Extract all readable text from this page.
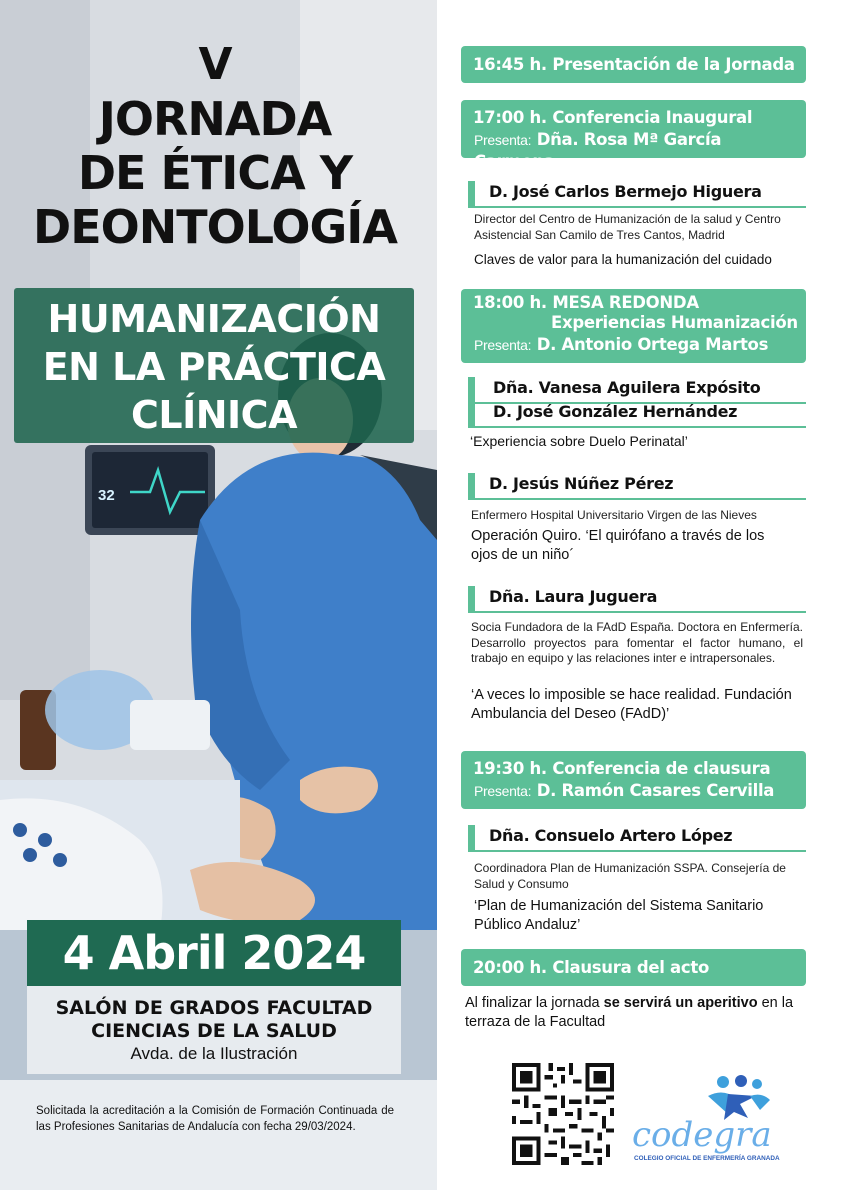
32
V
JORNADA
DE ÉTICA Y
DEONTOLOGÍA
HUMANIZACIÓN
EN LA PRÁCTICA
CLÍNICA
4 Abril 2024
SALÓN DE GRADOS FACULTAD
CIENCIAS DE LA SALUD
Avda. de la Ilustración
Solicitada la acreditación a la Comisión de Formación Continuada de las Profesiones Sanitarias de Andalucía con fecha 29/03/2024.
16:45 h. Presentación de la Jornada
17:00 h. Conferencia Inaugural
Presenta: Dña. Rosa Mª García Carmona
D. José Carlos Bermejo Higuera
Director del Centro de Humanización de la salud y Centro Asistencial San Camilo de Tres Cantos, Madrid
Claves de valor para la humanización del cuidado
18:00 h. MESA REDONDA
Experiencias Humanización
Presenta: D. Antonio Ortega Martos
Dña. Vanesa Aguilera Expósito
D. José González Hernández
‘Experiencia sobre Duelo Perinatal’
D. Jesús Núñez Pérez
Enfermero Hospital Universitario Virgen de las Nieves
Operación Quiro. ‘El quirófano a través de los ojos de un niño´
Dña. Laura Juguera
Socia Fundadora de la FAdD España. Doctora en Enfermería. Desarrollo proyectos para fomentar el factor humano, el trabajo en equipo y las relaciones inter e intrapersonales.
‘A veces lo imposible se hace realidad. Fundación Ambulancia del Deseo (FAdD)’
19:30 h. Conferencia de clausura
Presenta: D. Ramón Casares Cervilla
Dña. Consuelo Artero López
Coordinadora Plan de Humanización SSPA. Consejería de Salud y Consumo
‘Plan de Humanización del Sistema Sanitario Público Andaluz’
20:00 h. Clausura del acto
Al finalizar la jornada se servirá un aperitivo en la terraza de la Facultad
codegra
COLEGIO OFICIAL DE ENFERMERÍA GRANADA
